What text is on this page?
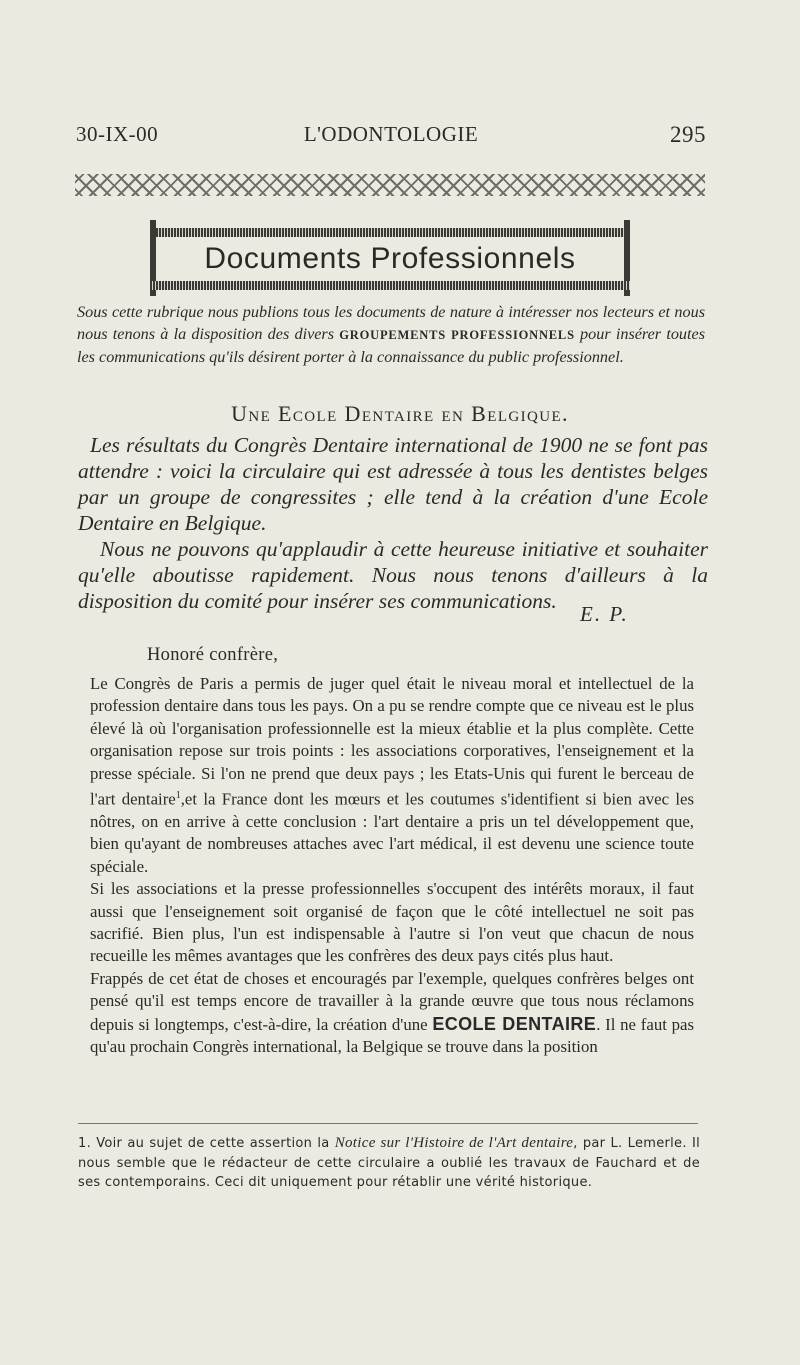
30-IX-00	L'ODONTOLOGIE	295
Documents Professionnels
Sous cette rubrique nous publions tous les documents de nature à intéresser nos lecteurs et nous nous tenons à la disposition des divers GROUPEMENTS PROFESSIONNELS pour insérer toutes les communications qu'ils désirent porter à la connaissance du public professionnel.
Une Ecole Dentaire en Belgique.

Les résultats du Congrès Dentaire international de 1900 ne se font pas attendre : voici la circulaire qui est adressée à tous les dentistes belges par un groupe de congressites ; elle tend à la création d'une Ecole Dentaire en Belgique.

Nous ne pouvons qu'applaudir à cette heureuse initiative et souhaiter qu'elle aboutisse rapidement. Nous nous tenons d'ailleurs à la disposition du comité pour insérer ses communications.

E. P.
Honoré confrère,

Le Congrès de Paris a permis de juger quel était le niveau moral et intellectuel de la profession dentaire dans tous les pays. On a pu se rendre compte que ce niveau est le plus élevé là où l'organisation professionnelle est la mieux établie et la plus complète. Cette organisation repose sur trois points : les associations corporatives, l'enseignement et la presse spéciale. Si l'on ne prend que deux pays ; les Etats-Unis qui furent le berceau de l'art dentaire$^1$,et la France dont les mœurs et les coutumes s'identifient si bien avec les nôtres, on en arrive à cette conclusion : l'art dentaire a pris un tel développement que, bien qu'ayant de nombreuses attaches avec l'art médical, il est devenu une science toute spéciale.

Si les associations et la presse professionnelles s'occupent des intérêts moraux, il faut aussi que l'enseignement soit organisé de façon que le côté intellectuel ne soit pas sacrifié. Bien plus, l'un est indispensable à l'autre si l'on veut que chacun de nous recueille les mêmes avantages que les confrères des deux pays cités plus haut.

Frappés de cet état de choses et encouragés par l'exemple, quelques confrères belges ont pensé qu'il est temps encore de travailler à la grande œuvre que tous nous réclamons depuis si longtemps, c'est-à-dire, la création d'une ECOLE DENTAIRE. Il ne faut pas qu'au prochain Congrès international, la Belgique se trouve dans la position

1. Voir au sujet de cette assertion la Notice sur l'Histoire de l'Art dentaire, par L. Lemerle. Il nous semble que le rédacteur de cette circulaire a oublié les travaux de Fauchard et de ses contemporains. Ceci dit uniquement pour rétablir une vérité historique.
